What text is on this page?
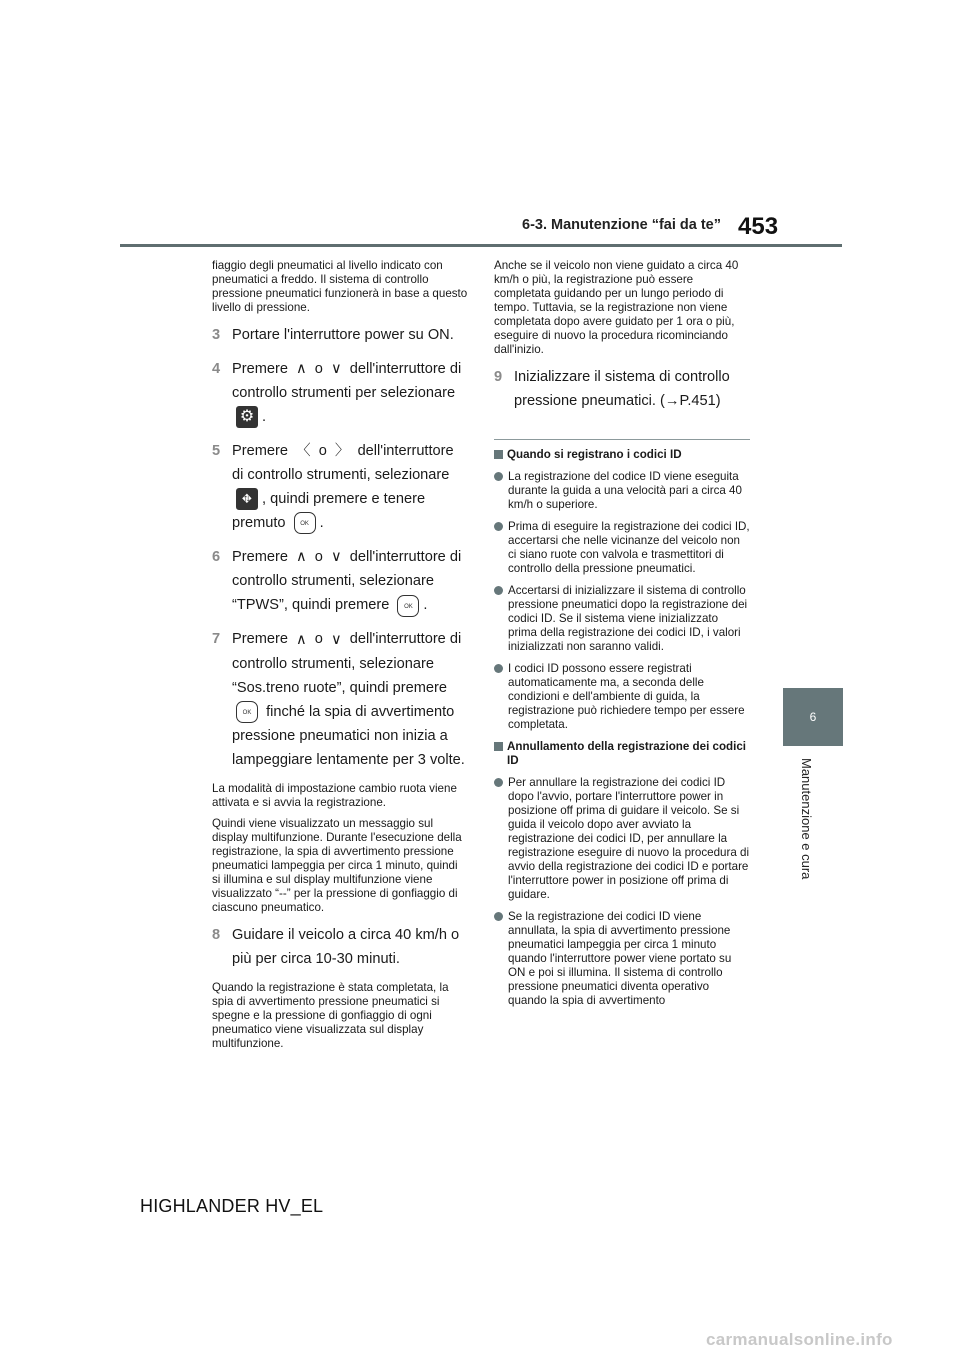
6-3. Manutenzione “fai da te” 453
6
Manutenzione e cura

fiaggio degli pneumatici al livello indicato con pneumatici a freddo. Il sistema di controllo pressione pneumatici funzionerà in base a questo livello di pressione.

3 Portare l'interruttore power su ON.
4 Premere ∧ o ∨ dell'interruttore di controllo strumenti per selezionare ⚙ .
5 Premere 〈 o 〉 dell'interruttore di controllo strumenti, selezionare ⛖ , quindi premere e tenere premuto OK .
6 Premere ∧ o ∨ dell'interruttore di controllo strumenti, selezionare “TPWS”, quindi premere OK .
7 Premere ∧ o ∨ dell'interruttore di controllo strumenti, selezionare “Sos.treno ruote”, quindi premere OK finché la spia di avvertimento pressione pneumatici non inizia a lampeggiare lentamente per 3 volte.

La modalità di impostazione cambio ruota viene attivata e si avvia la registrazione.

Quindi viene visualizzato un messaggio sul display multifunzione. Durante l'esecuzione della registrazione, la spia di avvertimento pressione pneumatici lampeggia per circa 1 minuto, quindi si illumina e sul display multifunzione viene visualizzato “--” per la pressione di gonfiaggio di ciascuno pneumatico.

8 Guidare il veicolo a circa 40 km/h o più per circa 10-30 minuti.

Quando la registrazione è stata completata, la spia di avvertimento pressione pneumatici si spegne e la pressione di gonfiaggio di ogni pneumatico viene visualizzata sul display multifunzione.

Anche se il veicolo non viene guidato a circa 40 km/h o più, la registrazione può essere completata guidando per un lungo periodo di tempo. Tuttavia, se la registrazione non viene completata dopo avere guidato per 1 ora o più, eseguire di nuovo la procedura ricominciando dall'inizio.

9 Inizializzare il sistema di controllo pressione pneumatici. (→P.451)
Quando si registrano i codici ID
La registrazione del codice ID viene eseguita durante la guida a una velocità pari a circa 40 km/h o superiore.
Prima di eseguire la registrazione dei codici ID, accertarsi che nelle vicinanze del veicolo non ci siano ruote con valvola e trasmettitori di controllo della pressione pneumatici.
Accertarsi di inizializzare il sistema di controllo pressione pneumatici dopo la registrazione dei codici ID. Se il sistema viene inizializzato prima della registrazione dei codici ID, i valori inizializzati non saranno validi.
I codici ID possono essere registrati automaticamente ma, a seconda delle condizioni e dell'ambiente di guida, la registrazione può richiedere tempo per essere completata.
Annullamento della registrazione dei codici ID
Per annullare la registrazione dei codici ID dopo l'avvio, portare l'interruttore power in posizione off prima di guidare il veicolo. Se si guida il veicolo dopo aver avviato la registrazione dei codici ID, per annullare la registrazione eseguire di nuovo la procedura di avvio della registrazione dei codici ID e portare l'interruttore power in posizione off prima di guidare.
Se la registrazione dei codici ID viene annullata, la spia di avvertimento pressione pneumatici lampeggia per circa 1 minuto quando l'interruttore power viene portato su ON e poi si illumina. Il sistema di controllo pressione pneumatici diventa operativo quando la spia di avvertimento
HIGHLANDER HV_EL
carmanualsonline.info
